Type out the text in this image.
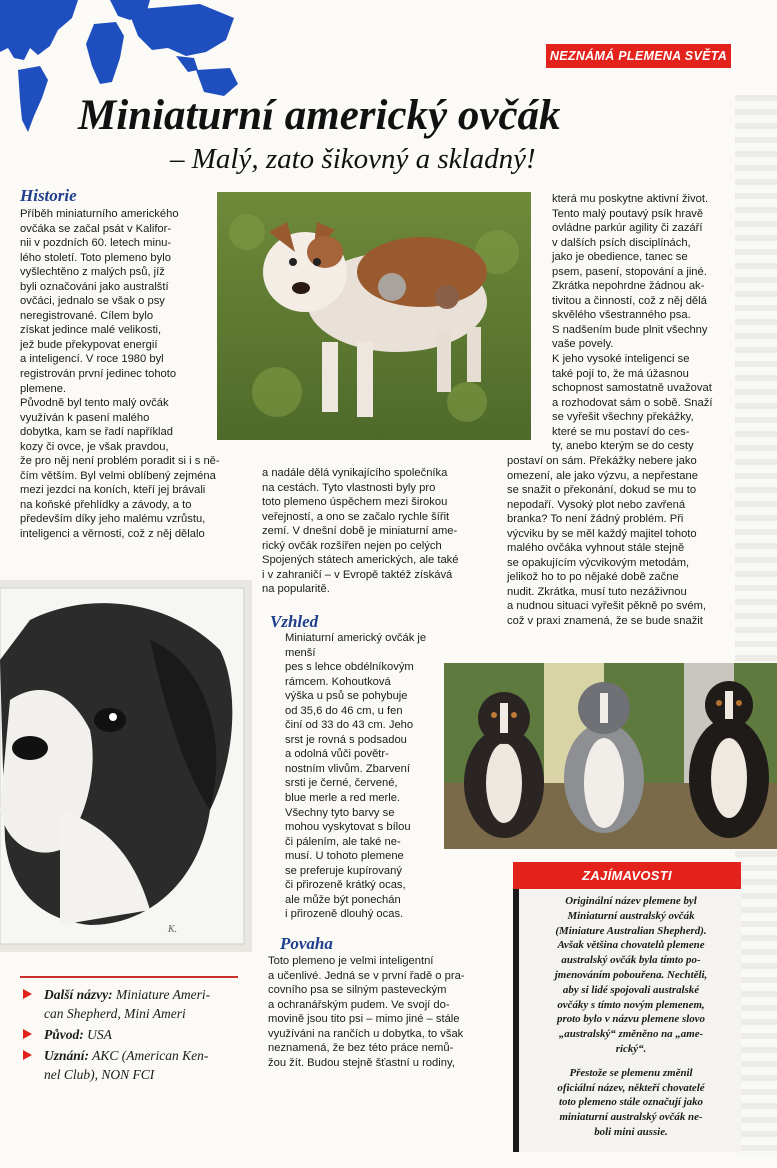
NEZNÁMÁ PLEMENA SVĚTA
Miniaturní americký ovčák
– Malý, zato šikovný a skladný!
K.
Historie
Příběh miniaturního amerického
ovčáka se začal psát v Kalifor-
nii v pozdních 60. letech minu-
lého století. Toto plemeno bylo
vyšlechtěno z malých psů, jíž
byli označováni jako australští
ovčáci, jednalo se však o psy
neregistrované. Cílem bylo
získat jedince malé velikosti,
jež bude překypovat energií
a inteligencí. V roce 1980 byl
registrován první jedinec tohoto
plemene.
Původně byl tento malý ovčák
využíván k pasení malého
dobytka, kam se řadí například
kozy či ovce, je však pravdou,
že pro něj není problém poradit si i s ně-
čím větším. Byl velmi oblíbený zejména
mezi jezdci na koních, kteří jej brávali
na koňské přehlídky a závody, a to
především díky jeho malému vzrůstu,
inteligenci a věrnosti, což z něj dělalo
a nadále dělá vynikajícího společníka
na cestách. Tyto vlastnosti byly pro
toto plemeno úspěchem mezi širokou
veřejností, a ono se začalo rychle šířit
zemí. V dnešní době je miniaturní ame-
rický ovčák rozšířen nejen po celých
Spojených státech amerických, ale také
i v zahraničí – v Evropě taktéž získává
na popularitě.
Vzhled
Miniaturní americký ovčák je menší
pes s lehce obdélníkovým
rámcem. Kohoutková
výška u psů se pohybuje
od 35,6 do 46 cm, u fen
činí od 33 do 43 cm. Jeho
srst je rovná s podsadou
a odolná vůči povětr-
nostním vlivům. Zbarvení
srsti je černé, červené,
blue merle a red merle.
Všechny tyto barvy se
mohou vyskytovat s bílou
či pálením, ale také ne-
musí. U tohoto plemene
se preferuje kupírovaný
či přirozeně krátký ocas,
ale může být ponechán
i přirozeně dlouhý ocas.
Povaha
Toto plemeno je velmi inteligentní
a učenlivé. Jedná se v první řadě o pra-
covního psa se silným pasteveckým
a ochranářským pudem. Ve svojí do-
movině jsou tito psi – mimo jiné – stále
využíváni na rančích u dobytka, to však
neznamená, že bez této práce nemů-
žou žít. Budou stejně šťastní u rodiny,
která mu poskytne aktivní život.
Tento malý poutavý psík hravě
ovládne parkúr agility či zazáří
v dalších psích disciplínách,
jako je obedience, tanec se
psem, pasení, stopování a jiné.
Zkrátka nepohrdne žádnou ak-
tivitou a činností, což z něj dělá
skvělého všestranného psa.
S nadšením bude plnit všechny
vaše povely.
K jeho vysoké inteligenci se
také pojí to, že má úžasnou
schopnost samostatně uvažovat
a rozhodovat sám o sobě. Snaží
se vyřešit všechny překážky,
které se mu postaví do ces-
ty, anebo kterým se do cesty
postaví on sám. Překážky nebere jako
omezení, ale jako výzvu, a nepřestane
se snažit o překonání, dokud se mu to
nepodaří. Vysoký plot nebo zavřená
branka? To není žádný problém. Při
výcviku by se měl každý majitel tohoto
malého ovčáka vyhnout stále stejně
se opakujícím výcvikovým metodám,
jelikož ho to po nějaké době začne
nudit. Zkrátka, musí tuto nezáživnou
a nudnou situaci vyřešit pěkně po svém,
což v praxi znamená, že se bude snažit
Další názvy: Miniature Ameri-
can Shepherd, Mini Ameri
Původ: USA
Uznání: AKC (American Ken-
nel Club), NON FCI
ZAJÍMAVOSTI

Originální název plemene byl
Miniaturní australský ovčák
(Miniature Australian Shepherd).
Avšak většina chovatelů plemene
australský ovčák byla tímto po-
jmenováním pobouřena. Nechtěli,
aby si lidé spojovali australské
ovčáky s tímto novým plemenem,
proto bylo v názvu plemene slovo
„australský“ změněno na „ame-
rický“.

Přestože se plemenu změnil
oficiální název, někteří chovatelé
toto plemeno stále označují jako
miniaturní australský ovčák ne-
boli mini aussie.
